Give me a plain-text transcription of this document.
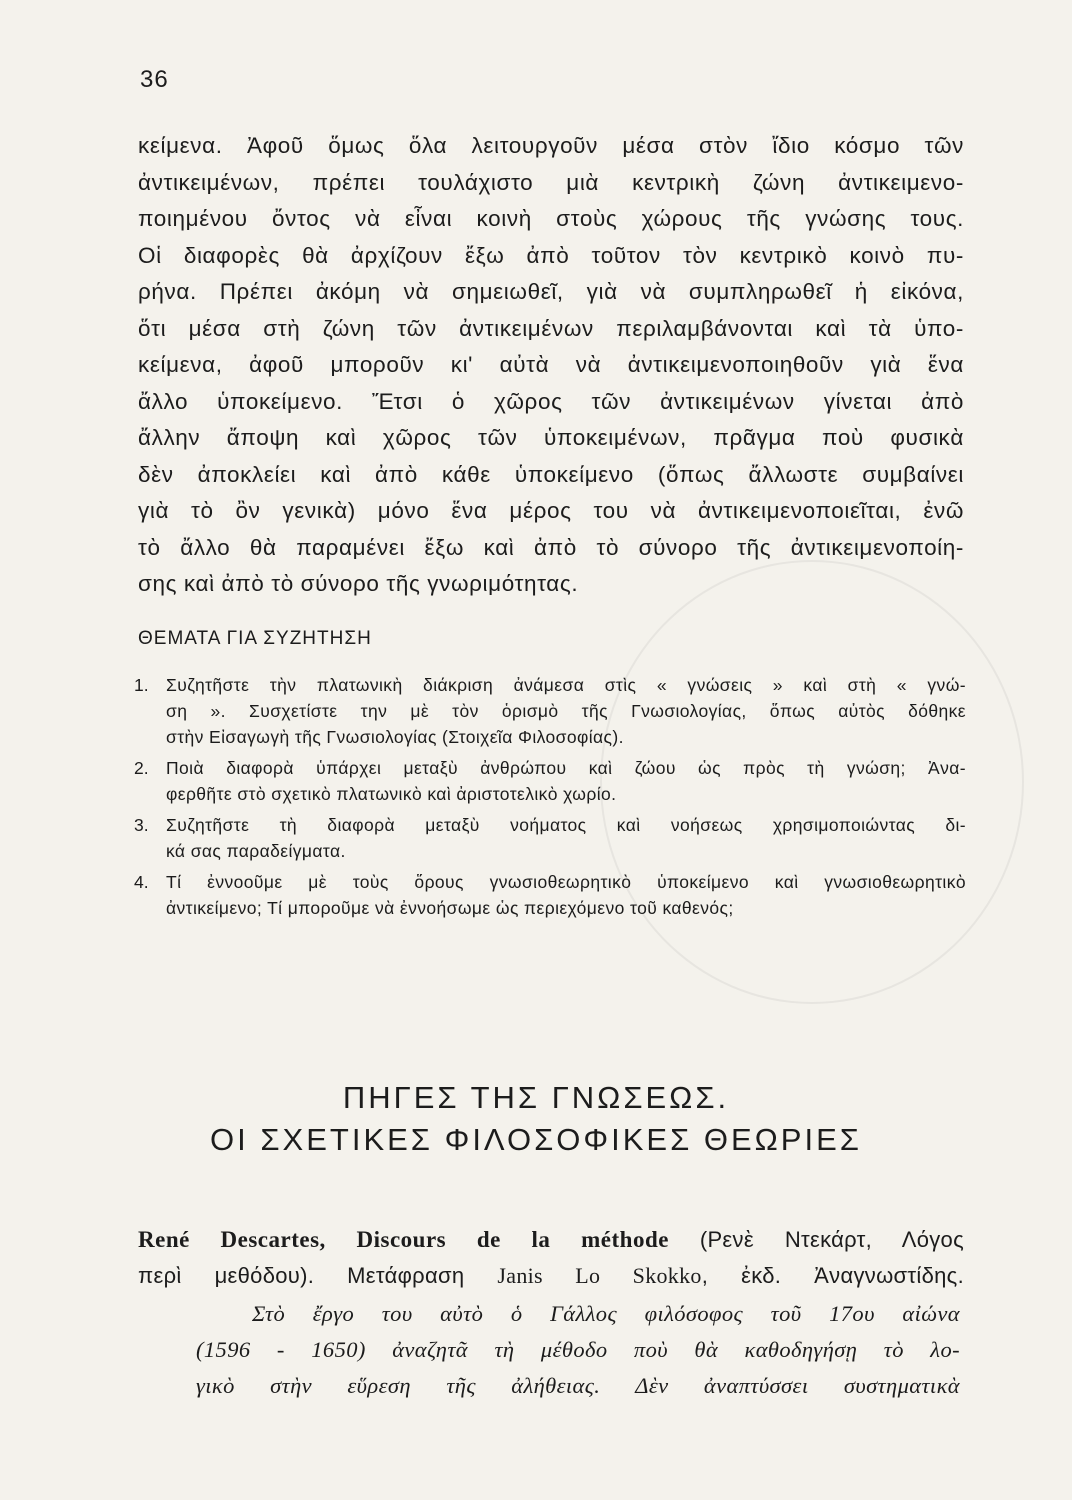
36
κείμενα. Ἀφοῦ ὅμως ὅλα λειτουργοῦν μέσα στὸν ἴδιο κόσμο τῶν
ἀντικειμένων, πρέπει τουλάχιστο μιὰ κεντρικὴ ζώνη ἀντικειμενο-
ποιημένου ὄντος νὰ εἶναι κοινὴ στοὺς χώρους τῆς γνώσης τους.
Οἱ διαφορὲς θὰ ἀρχίζουν ἔξω ἀπὸ τοῦτον τὸν κεντρικὸ κοινὸ πυ-
ρήνα. Πρέπει ἀκόμη νὰ σημειωθεῖ, γιὰ νὰ συμπληρωθεῖ ἡ εἰκόνα,
ὅτι μέσα στὴ ζώνη τῶν ἀντικειμένων περιλαμβάνονται καὶ τὰ ὑπο-
κείμενα, ἀφοῦ μποροῦν κι' αὐτὰ νὰ ἀντικειμενοποιηθοῦν γιὰ ἕνα
ἄλλο ὑποκείμενο. Ἔτσι ὁ χῶρος τῶν ἀντικειμένων γίνεται ἀπὸ
ἄλλην ἄποψη καὶ χῶρος τῶν ὑποκειμένων, πρᾶγμα ποὺ φυσικὰ
δὲν ἀποκλείει καὶ ἀπὸ κάθε ὑποκείμενο (ὅπως ἄλλωστε συμβαίνει
γιὰ τὸ ὂν γενικὰ) μόνο ἕνα μέρος του νὰ ἀντικειμενοποιεῖται, ἐνῶ
τὸ ἄλλο θὰ παραμένει ἔξω καὶ ἀπὸ τὸ σύνορο τῆς ἀντικειμενοποίη-
σης καὶ ἀπὸ τὸ σύνορο τῆς γνωριμότητας.
ΘΕΜΑΤΑ ΓΙΑ ΣΥΖΗΤΗΣΗ
1. Συζητῆστε τὴν πλατωνικὴ διάκριση ἀνάμεσα στὶς « γνώσεις » καὶ στὴ « γνώ-
ση ». Συσχετίστε την μὲ τὸν ὁρισμὸ τῆς Γνωσιολογίας, ὅπως αὐτὸς δόθηκε
στὴν Εἰσαγωγὴ τῆς Γνωσιολογίας (Στοιχεῖα Φιλοσοφίας).
2. Ποιὰ διαφορὰ ὑπάρχει μεταξὺ ἀνθρώπου καὶ ζώου ὡς πρὸς τὴ γνώση; Ἀνα-
φερθῆτε στὸ σχετικὸ πλατωνικὸ καὶ ἀριστοτελικὸ χωρίο.
3. Συζητῆστε τὴ διαφορὰ μεταξὺ νοήματος καὶ νοήσεως χρησιμοποιώντας δι-
κά σας παραδείγματα.
4. Τί ἐννοοῦμε μὲ τοὺς ὅρους γνωσιοθεωρητικὸ ὑποκείμενο καὶ γνωσιοθεωρητικὸ
ἀντικείμενο; Τί μποροῦμε νὰ ἐννοήσωμε ὡς περιεχόμενο τοῦ καθενός;
ΠΗΓΕΣ ΤΗΣ ΓΝΩΣΕΩΣ.
ΟΙ ΣΧΕΤΙΚΕΣ ΦΙΛΟΣΟΦΙΚΕΣ ΘΕΩΡΙΕΣ
René Descartes, Discours de la méthode (Ρενὲ Ντεκάρτ, Λόγος
περὶ μεθόδου). Μετάφραση Janis Lo Skokko, ἐκδ. Ἀναγνωστίδης.
Στὸ ἔργο του αὐτὸ ὁ Γάλλος φιλόσοφος τοῦ 17ου αἰώνα
(1596 - 1650) ἀναζητᾶ τὴ μέθοδο ποὺ θὰ καθοδηγήσῃ τὸ λο-
γικὸ στὴν εὕρεση τῆς ἀλήθειας. Δὲν ἀναπτύσσει συστηματικὰ
